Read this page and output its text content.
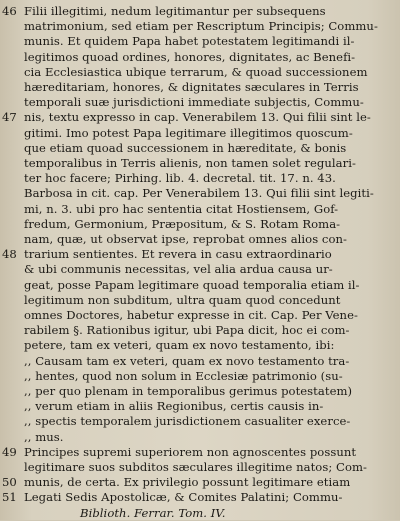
46 Filii illegitimi, nedum legitimantur per subsequens
matrimonium, sed etiam per Rescriptum Principis; Commu-
munis. Et quidem Papa habet potestatem legitimandi il-
legitimos quoad ordines, honores, dignitates, ac Benefi-
cia Ecclesiastica ubique terrarum, & quoad successionem
hæreditariam, honores, & dignitates sæculares in Terris
temporali suæ jurisdictioni immediate subjectis, Commu-
47 nis, textu expresso in cap. Venerabilem 13. Qui filii sint le-
gitimi. Imo potest Papa legitimare illegitimos quoscum-
que etiam quoad successionem in hæreditate, & bonis
temporalibus in Terris alienis, non tamen solet regulari-
ter hoc facere; Pirhing. lib. 4. decretal. tit. 17. n. 43.
Barbosa in cit. cap. Per Venerabilem 13. Qui filii sint legiti-
mi, n. 3. ubi pro hac sententia citat Hostiensem, Gof-
fredum, Germonium, Præpositum, & S. Rotam Roma-
nam, quæ, ut observat ipse, reprobat omnes alios con-
48 trarium sentientes. Et revera in casu extraordinario
& ubi communis necessitas, vel alia ardua causa ur-
geat, posse Papam legitimare quoad temporalia etiam il-
legitimum non subditum, ultra quam quod concedunt
omnes Doctores, habetur expresse in cit. Cap. Per Vene-
rabilem §. Rationibus igitur, ubi Papa dicit, hoc ei com-
petere, tam ex veteri, quam ex novo testamento, ibi:
,, Causam tam ex veteri, quam ex novo testamento tra-
,, hentes, quod non solum in Ecclesiæ patrimonio (su-
,, per quo plenam in temporalibus gerimus potestatem)
,, verum etiam in aliis Regionibus, certis causis in-
,, spectis temporalem jurisdictionem casualiter exerce-
,, mus.
49 Principes supremi superiorem non agnoscentes possunt
legitimare suos subditos sæculares illegitime natos; Com-
50 munis, de certa. Ex privilegio possunt legitimare etiam
51 Legati Sedis Apostolicæ, & Comites Palatini; Commu-
Biblioth. Ferrar. Tom. IV.
